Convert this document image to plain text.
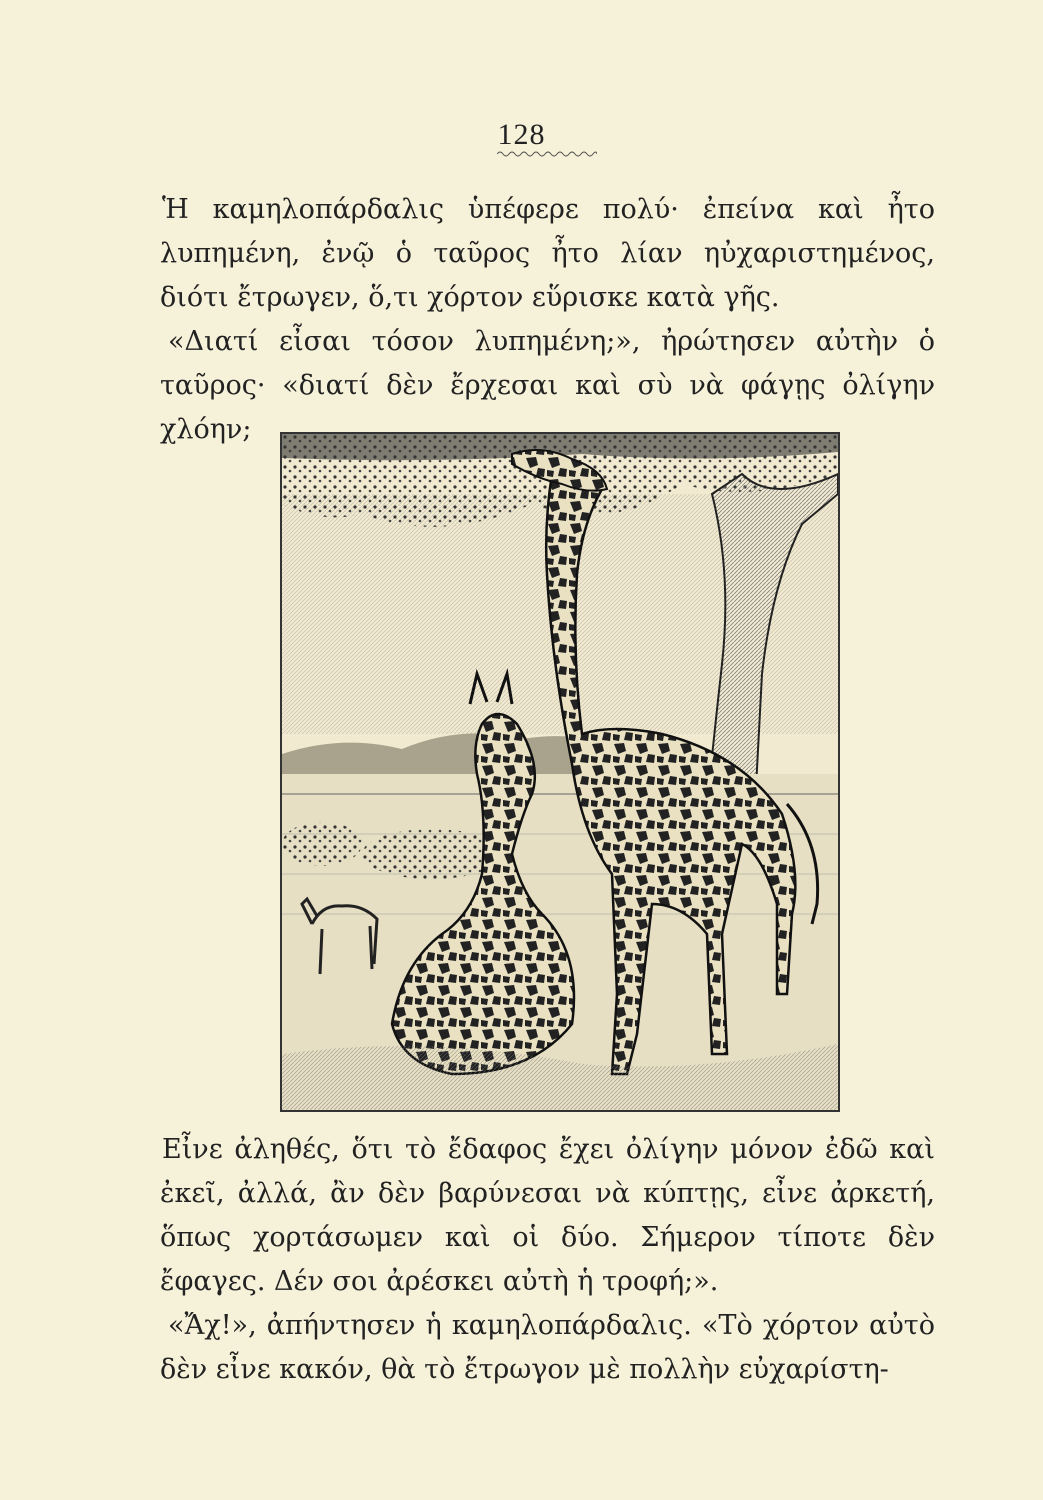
128

Ἡ καμηλοπάρδαλις ὑπέφερε πολύ· ἐπείνα καὶ ἦτο λυπημένη, ἐνῷ ὁ ταῦρος ἦτο λίαν ηὐχαριστημένος, διότι ἔτρωγεν, ὅ,τι χόρτον εὕρισκε κατὰ γῆς.

«Διατί εἶσαι τόσον λυπημένη;», ἠρώτησεν αὐτὴν ὁ ταῦρος· «διατί δὲν ἔρχεσαι καὶ σὺ νὰ φάγῃς ὀλίγην χλόην;

Εἶνε ἀληθές, ὅτι τὸ ἔδαφος ἔχει ὀλίγην μόνον ἐδῶ καὶ ἐκεῖ, ἀλλά, ἂν δὲν βαρύνεσαι νὰ κύπτῃς, εἶνε ἀρκετή, ὅπως χορτάσωμεν καὶ οἱ δύο. Σήμερον τίποτε δὲν ἔφαγες. Δέν σοι ἀρέσκει αὐτὴ ἡ τροφή;».

«Ἄχ!», ἀπήντησεν ἡ καμηλοπάρδαλις. «Τὸ χόρτον αὐτὸ δὲν εἶνε κακόν, θὰ τὸ ἔτρωγον μὲ πολλὴν εὐχαρίστη-
